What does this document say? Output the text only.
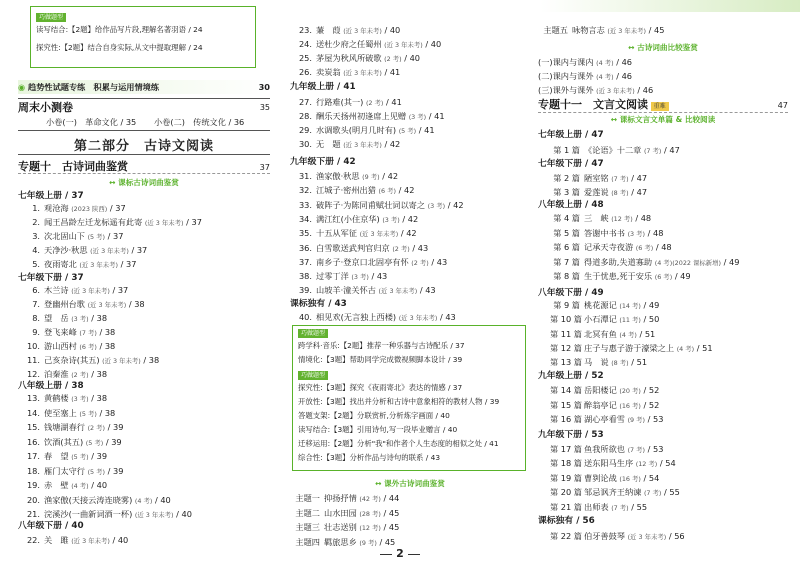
巧做题型
读写结合:【2题】给作品写片段,理解名著羽语 / 24
探究性:【2题】结合自身实际,从文中提取理解 / 24
◉ 趋势性试题专练　积累与运用情境练	30
周末小测卷	35
小卷(一)　革命文化 / 35	小卷(二)　传统文化 / 36
第二部分　古诗文阅读
专题十　古诗词曲鉴赏	37
↔ 课标古诗词曲鉴赏
七年级上册 / 37
1. 观沧海 (2023 陕西) / 37
2. 闻王昌龄左迁龙标遥有此寄 (近 3 年未考) / 37
3. 次北固山下 (5 考) / 37
4. 天净沙·秋思 (近 3 年未考) / 37
5. 夜雨寄北 (近 3 年未考) / 37
七年级下册 / 37
6. 木兰诗 (近 3 年未考) / 37
7. 登幽州台歌 (近 3 年未考) / 38
8. 望　岳 (3 考) / 38
9. 登飞来峰 (7 考) / 38
10. 游山西村 (6 考) / 38
11. 己亥杂诗(其五) (近 3 年未考) / 38
12. 泊秦淮 (2 考) / 38
八年级上册 / 38
13. 黄鹤楼 (3 考) / 38
14. 使至塞上 (5 考) / 38
15. 钱塘湖春行 (2 考) / 39
16. 饮酒(其五) (5 考) / 39
17. 春　望 (5 考) / 39
18. 雁门太守行 (5 考) / 39
19. 赤　壁 (4 考) / 40
20. 渔家傲(天接云涛连晓雾) (4 考) / 40
21. 浣溪沙(一曲新词酒一杯) (近 3 年未考) / 40
八年级下册 / 40
22. 关　雎 (近 3 年未考) / 40
23. 蒹　葭 (近 3 年未考) / 40
24. 送杜少府之任蜀州 (近 3 年未考) / 40
25. 茅屋为秋风所破歌 (2 考) / 40
26. 卖炭翁 (近 3 年未考) / 41
九年级上册 / 41
27. 行路难(其一) (2 考) / 41
28. 酬乐天扬州初逢席上见赠 (3 考) / 41
29. 水调歌头(明月几时有) (5 考) / 41
30. 无　题 (近 3 年未考) / 42
九年级下册 / 42
31. 渔家傲·秋思 (9 考) / 42
32. 江城子·密州出猎 (6 考) / 42
33. 破阵子·为陈同甫赋壮词以寄之 (3 考) / 42
34. 满江红(小住京华) (3 考) / 42
35. 十五从军征 (近 3 年未考) / 42
36. 白雪歌送武判官归京 (2 考) / 43
37. 南乡子·登京口北固亭有怀 (2 考) / 43
38. 过零丁洋 (3 考) / 43
39. 山坡羊·潼关怀古 (近 3 年未考) / 43
课标独有 / 43
40. 相见欢(无言独上西楼) (近 3 年未考) / 43
巧做题型
跨学科·音乐:【2题】推荐一种乐器与古诗配乐 / 37
情境化:【3题】帮助同学完成微视频脚本设计 / 39
巧做题型
探究性:【3题】探究《夜雨寄北》表达的情感 / 37
开放性:【3题】找出并分析和古诗中意象相符的教材人物 / 39
答题支架:【2题】分联赏析,分析炼字画面 / 40
读写结合:【3题】引用诗句,写一段毕业赠言 / 40
迁移运用:【2题】分析"我"和作者个人生态度的相似之处 / 41
综合性:【3题】分析作品与诗句的联系 / 43
↔ 课外古诗词曲鉴赏
主题一 抑扬抒情 (42 考) / 44
主题二 山水田园 (28 考) / 45
主题三 壮志送别 (12 考) / 45
主题四 羁旅思乡 (9 考) / 45
主题五 咏物言志 (近 3 年未考) / 45
↔ 古诗词曲比较鉴赏
(一)课内与课内 (4 考) / 46
(二)课内与课外 (4 考) / 46
(三)课外与课外 (近 3 年未考) / 46
专题十一　文言文阅读 重难	47
↔ 课标文言文单篇 & 比较阅读
七年级上册 / 47
第 1 篇 《论语》十二章 (7 考) / 47
七年级下册 / 47
第 2 篇 陋室铭 (7 考) / 47
第 3 篇 爱莲说 (8 考) / 47
八年级上册 / 48
第 4 篇 三　峡 (12 考) / 48
第 5 篇 答谢中书书 (3 考) / 48
第 6 篇 记承天寺夜游 (6 考) / 48
第 7 篇 得道多助,失道寡助 (4 考)(2022 课标新增) / 49
第 8 篇 生于忧患,死于安乐 (6 考) / 49
八年级下册 / 49
第 9 篇 桃花源记 (14 考) / 49
第 10 篇 小石潭记 (11 考) / 50
第 11 篇 北冥有鱼 (4 考) / 51
第 12 篇 庄子与惠子游于濠梁之上 (4 考) / 51
第 13 篇 马　说 (8 考) / 51
九年级上册 / 52
第 14 篇 岳阳楼记 (20 考) / 52
第 15 篇 醉翁亭记 (16 考) / 52
第 16 篇 湖心亭看雪 (9 考) / 53
九年级下册 / 53
第 17 篇 鱼我所欲也 (7 考) / 53
第 18 篇 送东阳马生序 (12 考) / 54
第 19 篇 曹刿论战 (16 考) / 54
第 20 篇 邹忌讽齐王纳谏 (7 考) / 55
第 21 篇 出师表 (7 考) / 55
课标独有 / 56
第 22 篇 伯牙善鼓琴 (近 3 年未考) / 56
2
